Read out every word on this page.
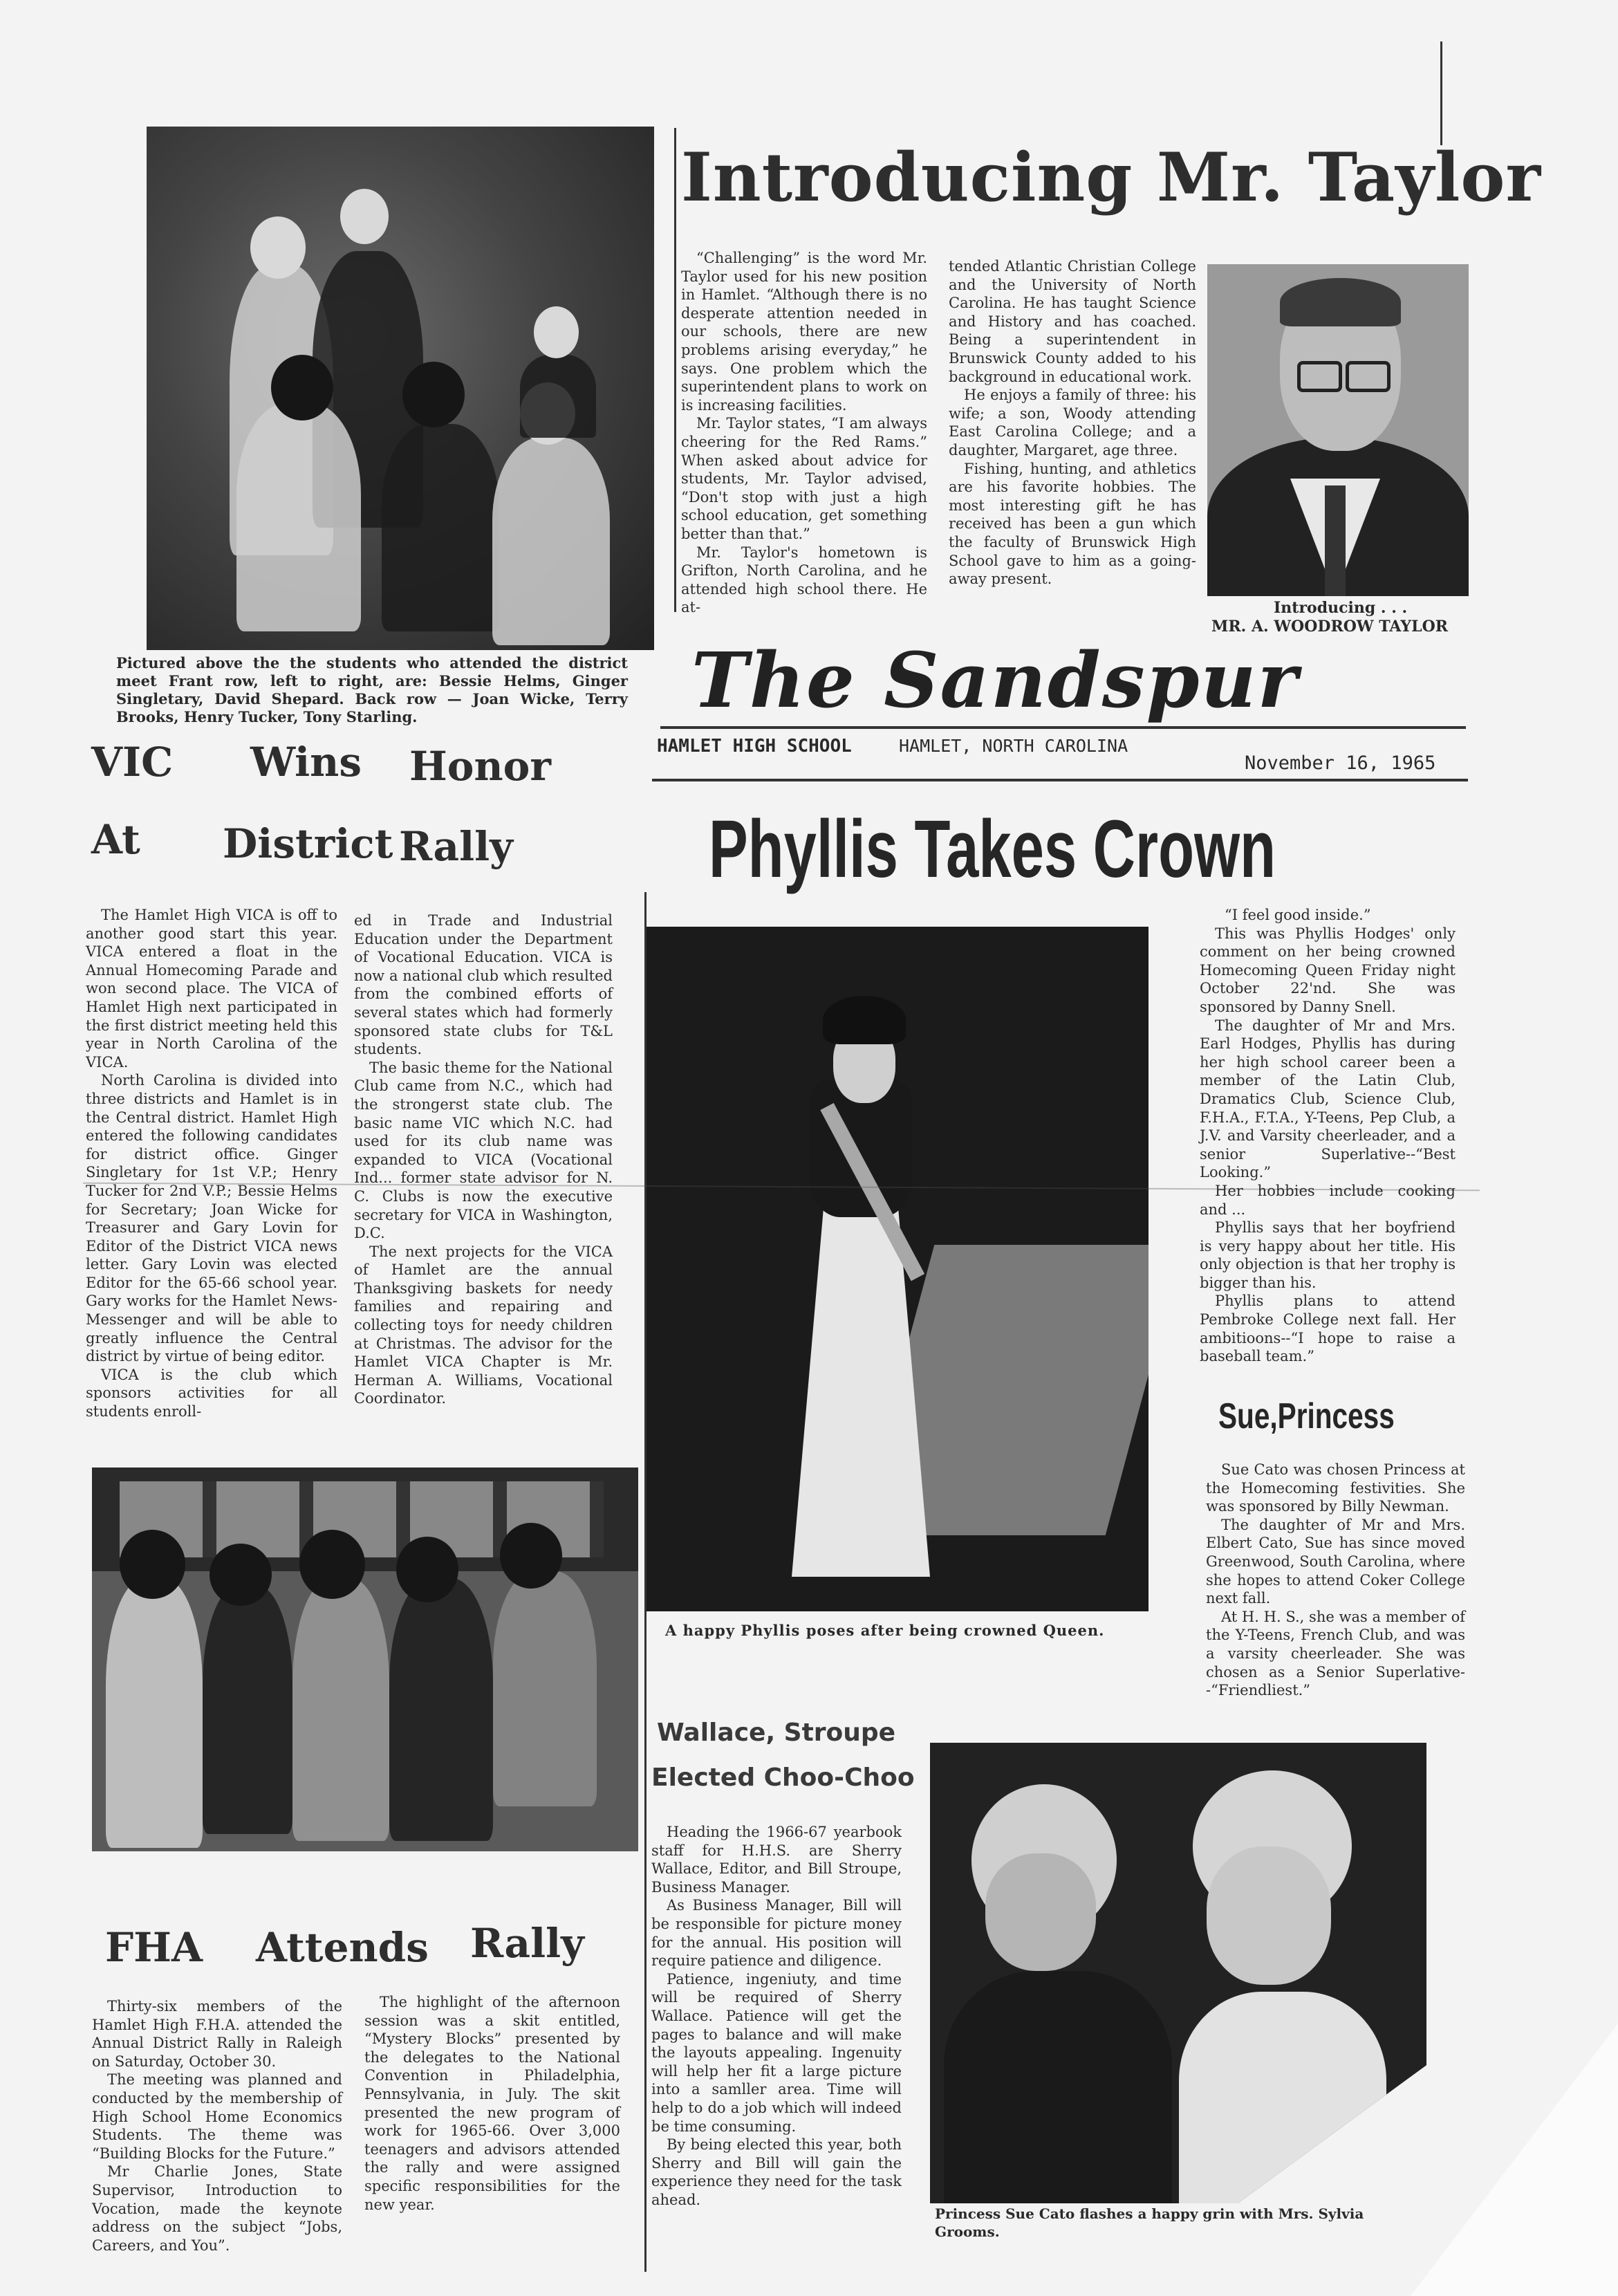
Introducing Mr. Taylor

“Challenging” is the word Mr. Taylor used for his new position in Hamlet. “Although there is no desperate attention needed in our schools, there are new problems arising everyday,” he says. One problem which the superintendent plans to work on is increasing facilities.

Mr. Taylor states, “I am always cheering for the Red Rams.” When asked about advice for students, Mr. Taylor advised, “Don't stop with just a high school education, get something better than that.”

Mr. Taylor's hometown is Grifton, North Carolina, and he attended high school there. He at-

tended Atlantic Christian College and the University of North Carolina. He has taught Science and History and has coached. Being a superintendent in Brunswick County added to his background in educational work.

He enjoys a family of three: his wife; a son, Woody attending East Carolina College; and a daughter, Margaret, age three.

Fishing, hunting, and athletics are his favorite hobbies. The most interesting gift he has received has been a gun which the faculty of Brunswick High School gave to him as a going-away present.

Introducing . . .
MR. A. WOODROW TAYLOR
The Sandspur
HAMLET HIGH SCHOOL	HAMLET, NORTH CAROLINA
November 16, 1965
Pictured above the the students who attended the district meet Frant row, left to right, are: Bessie Helms, Ginger Singletary, David Shepard. Back row — Joan Wicke, Terry Brooks, Henry Tucker, Tony Starling.
VIC Wins Honor
At District Rally

The Hamlet High VICA is off to another good start this year. VICA entered a float in the Annual Homecoming Parade and won second place. The VICA of Hamlet High next participated in the first district meeting held this year in North Carolina of the VICA.

North Carolina is divided into three districts and Hamlet is in the Central district. Hamlet High entered the following candidates for district office. Ginger Singletary for 1st V.P.; Henry Tucker for 2nd V.P.; Bessie Helms for Secretary; Joan Wicke for Treasurer and Gary Lovin for Editor of the District VICA news letter. Gary Lovin was elected Editor for the 65-66 school year. Gary works for the Hamlet News-Messenger and will be able to greatly influence the Central district by virtue of being editor.

VICA is the club which sponsors activities for all students enroll-

ed in Trade and Industrial Education under the Department of Vocational Education. VICA is now a national club which resulted from the combined efforts of several states which had formerly sponsored state clubs for T&L students.

The basic theme for the National Club came from N.C., which had the strongerst state club. The basic name VIC which N.C. had used for its club name was expanded to VICA (Vocational Ind... former state advisor for N. C. Clubs is now the executive secretary for VICA in Washington, D.C.

The next projects for the VICA of Hamlet are the annual Thanksgiving baskets for needy families and repairing and collecting toys for needy children at Christmas. The advisor for the Hamlet VICA Chapter is Mr. Herman A. Williams, Vocational Coordinator.

Phyllis Takes Crown
A happy Phyllis poses after being crowned Queen.

“I feel good inside.”

This was Phyllis Hodges' only comment on her being crowned Homecoming Queen Friday night October 22'nd. She was sponsored by Danny Snell.

The daughter of Mr and Mrs. Earl Hodges, Phyllis has during her high school career been a member of the Latin Club, Dramatics Club, Science Club, F.H.A., F.T.A., Y-Teens, Pep Club, a J.V. and Varsity cheerleader, and a senior Superlative--“Best Looking.”

Her hobbies include cooking and ...

Phyllis says that her boyfriend is very happy about her title. His only objection is that her trophy is bigger than his.

Phyllis plans to attend Pembroke College next fall. Her ambitioons--“I hope to raise a baseball team.”

Sue,Princess

Sue Cato was chosen Princess at the Homecoming festivities. She was sponsored by Billy Newman.

The daughter of Mr and Mrs. Elbert Cato, Sue has since moved Greenwood, South Carolina, where she hopes to attend Coker College next fall.

At H. H. S., she was a member of the Y-Teens, French Club, and was a varsity cheerleader. She was chosen as a Senior Superlative--“Friendliest.”

Princess Sue Cato flashes a happy grin with Mrs. Sylvia Grooms.
Wallace, Stroupe
Elected Choo-Choo

Heading the 1966-67 yearbook staff for H.H.S. are Sherry Wallace, Editor, and Bill Stroupe, Business Manager.

As Business Manager, Bill will be responsible for picture money for the annual. His position will require patience and diligence.

Patience, ingeniuty, and time will be required of Sherry Wallace. Patience will get the pages to balance and will make the layouts appealing. Ingenuity will help her fit a large picture into a samller area. Time will help to do a job which will indeed be time consuming.

By being elected this year, both Sherry and Bill will gain the experience they need for the task ahead.

FHA Attends Rally

Thirty-six members of the Hamlet High F.H.A. attended the Annual District Rally in Raleigh on Saturday, October 30.

The meeting was planned and conducted by the membership of High School Home Economics Students. The theme was “Building Blocks for the Future.”

Mr Charlie Jones, State Supervisor, Introduction to Vocation, made the keynote address on the subject “Jobs, Careers, and You”.

The highlight of the afternoon session was a skit entitled, “Mystery Blocks” presented by the delegates to the National Convention in Philadelphia, Pennsylvania, in July. The skit presented the new program of work for 1965-66. Over 3,000 teenagers and advisors attended the rally and were assigned specific responsibilities for the new year.
